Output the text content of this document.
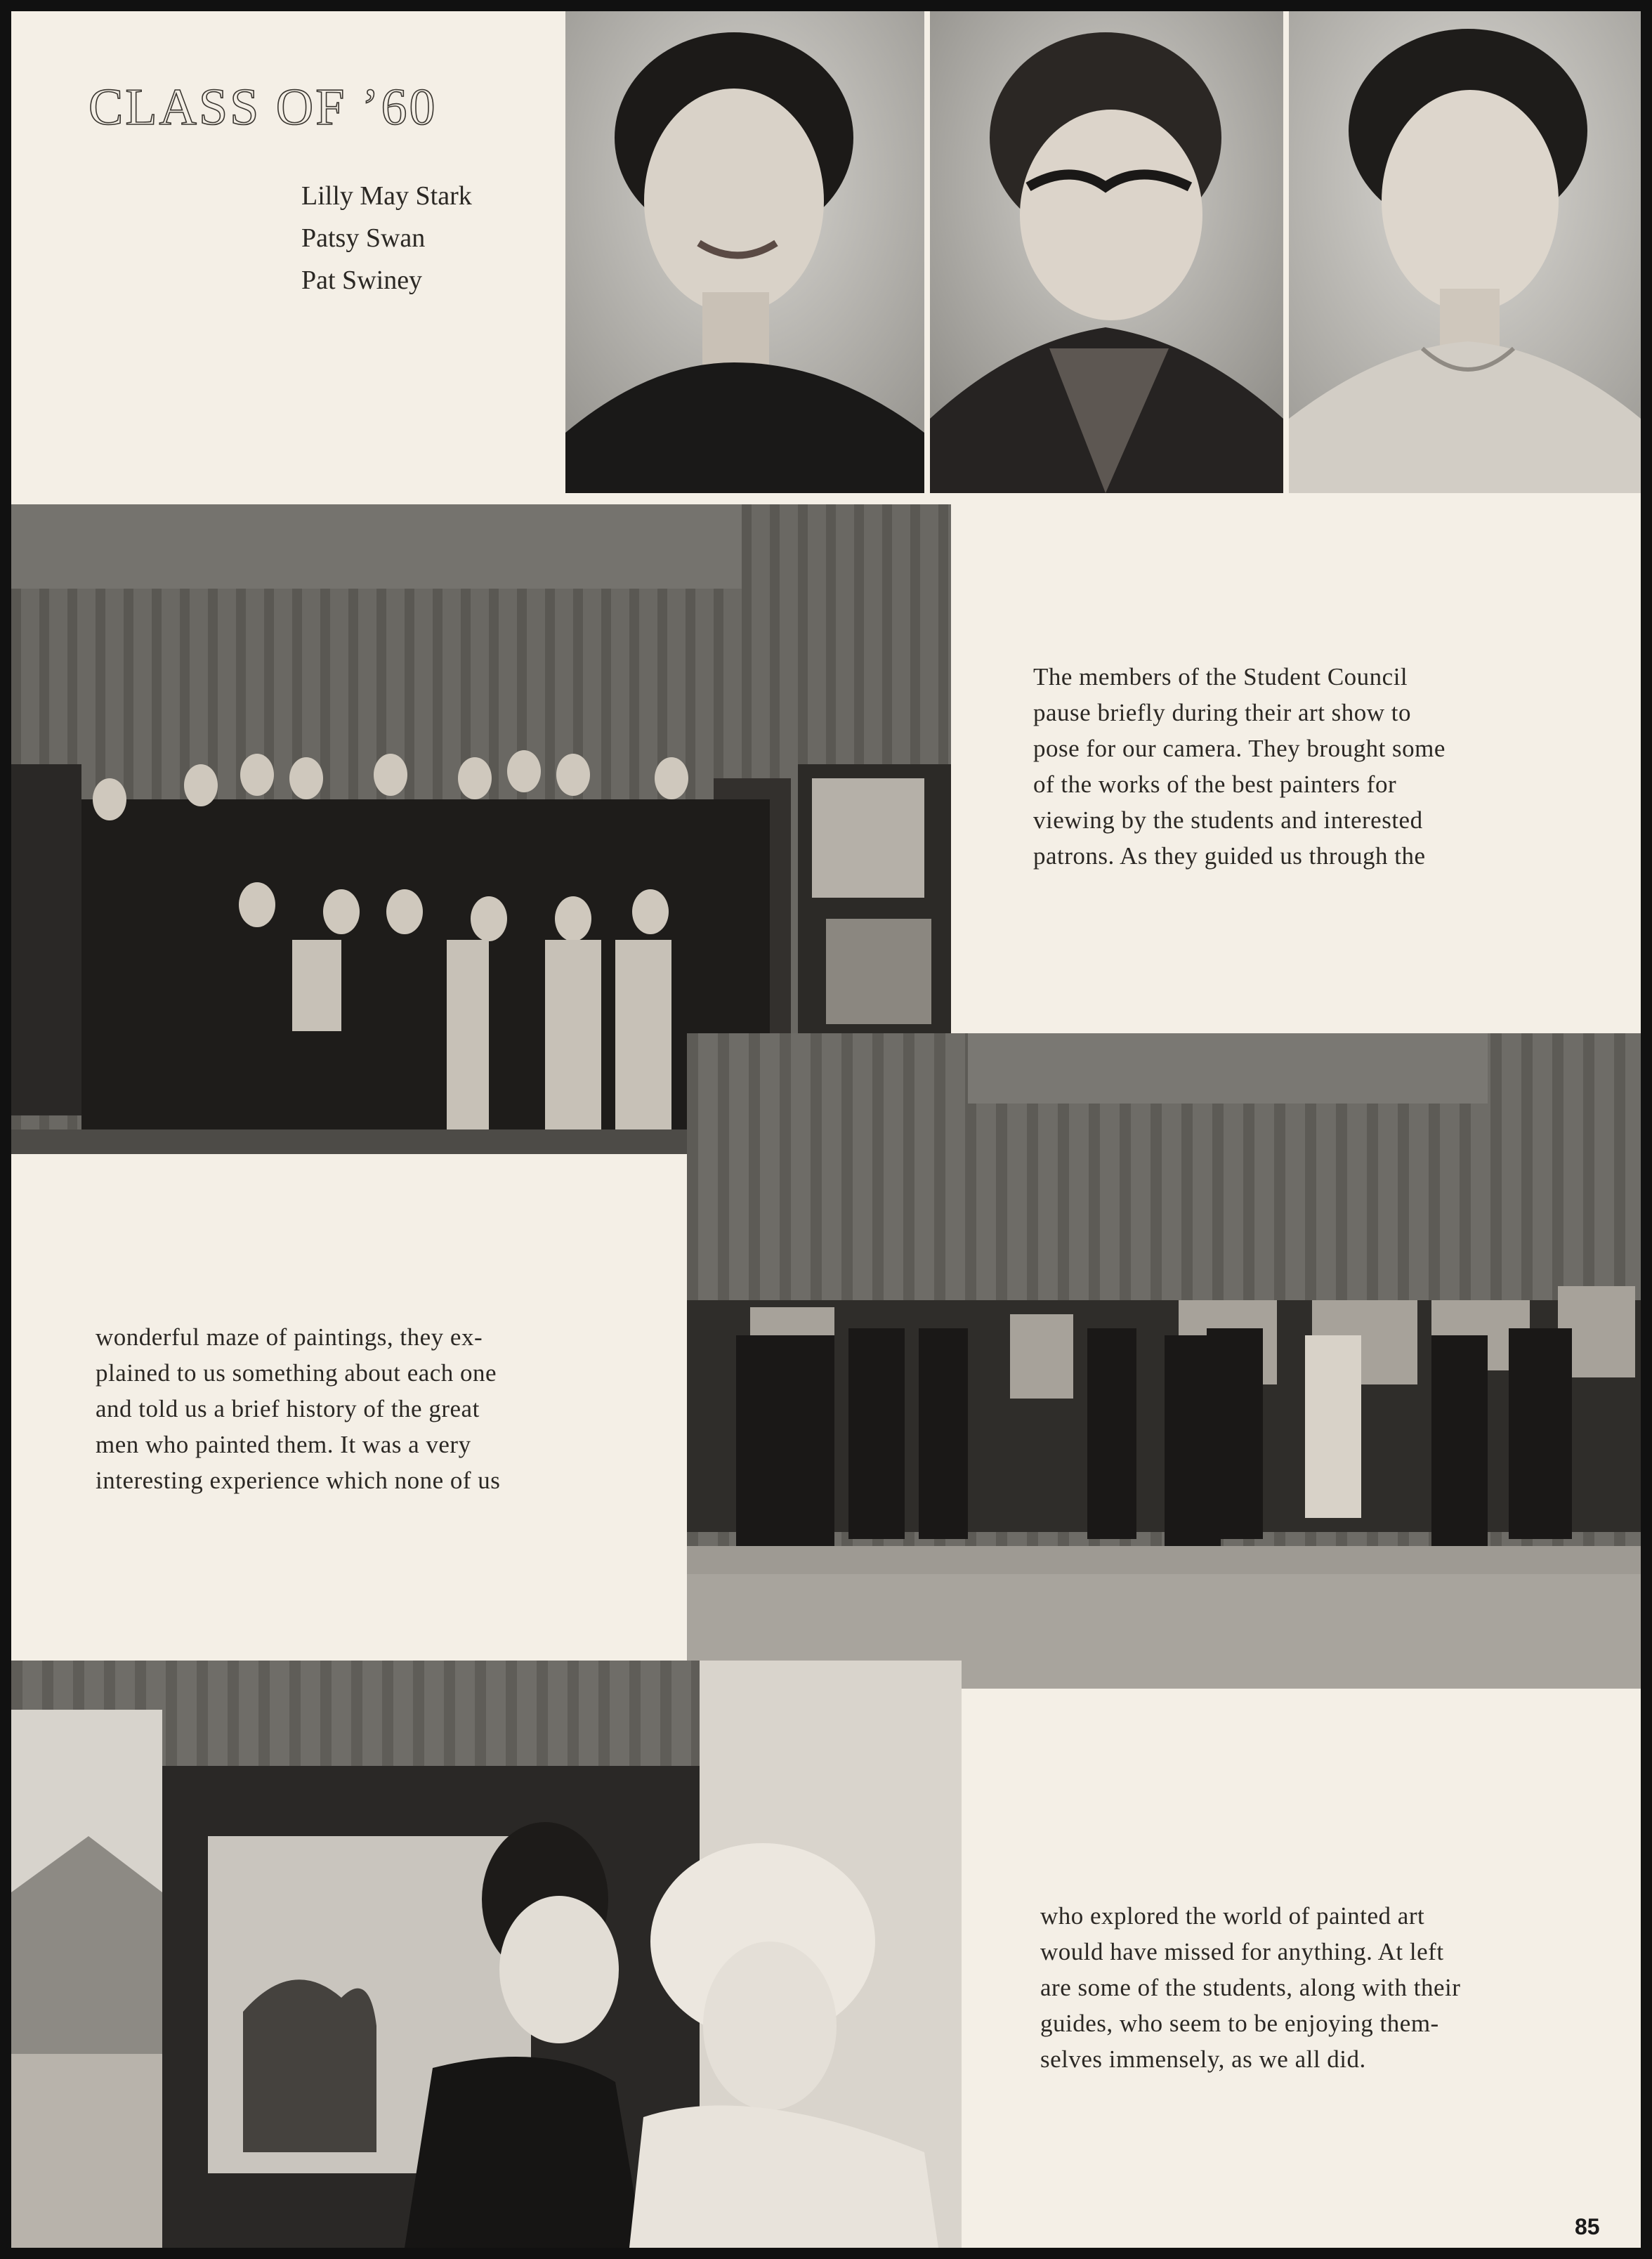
CLASS OF ’60
Lilly May Stark
Patsy Swan
Pat Swiney

The members of the Student Council
pause briefly during their art show to
pose for our camera. They brought some
of the works of the best painters for
viewing by the students and interested
patrons. As they guided us through the

wonderful maze of paintings, they ex-
plained to us something about each one
and told us a brief history of the great
men who painted them. It was a very
interesting experience which none of us

who explored the world of painted art
would have missed for anything. At left
are some of the students, along with their
guides, who seem to be enjoying them-
selves immensely, as we all did.

85
